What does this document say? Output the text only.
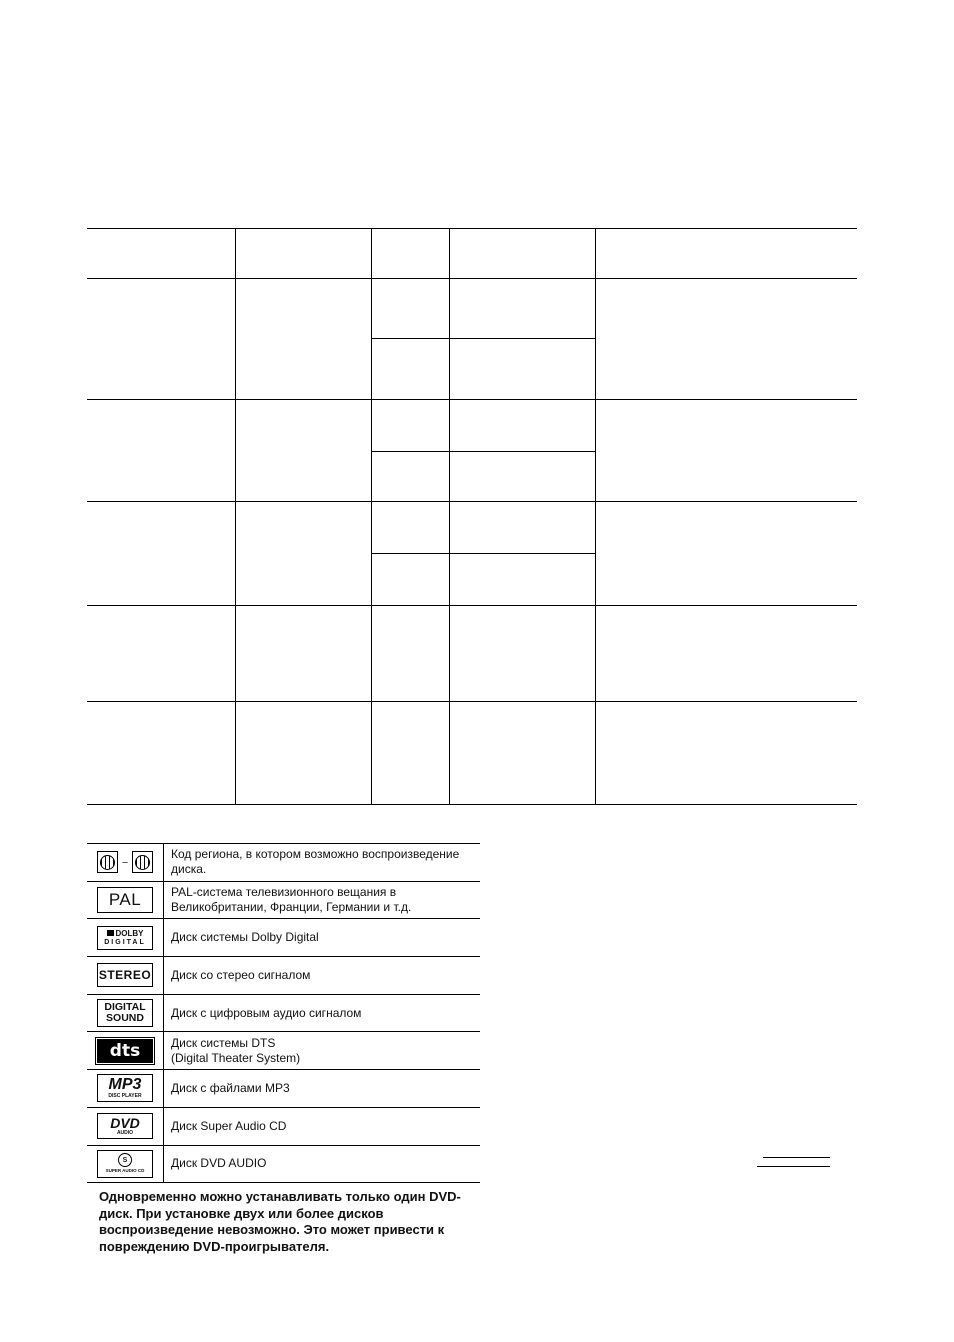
–
Код региона, в котором возможно воспроизведение диска.
PAL	PAL-система телевизионного вещания в Великобритании, Франции, Германии и т.д.
DOLBY
DIGITAL Диск системы Dolby Digital
STEREO Диск со стерео сигналом
DIGITAL
SOUND Диск с цифровым аудио сигналом
dts	Диск системы DTS
(Digital Theater System)
MP3
DISC PLAYER
Диск с файлами MP3
DVD
AUDIO
Диск Super Audio CD
S
SUPER AUDIO CD
Диск DVD AUDIO
Одновременно можно устанавливать только один DVD-диск. При установке двух или более дисков воспроизведение невозможно. Это может привести к повреждению DVD-проигрывателя.
